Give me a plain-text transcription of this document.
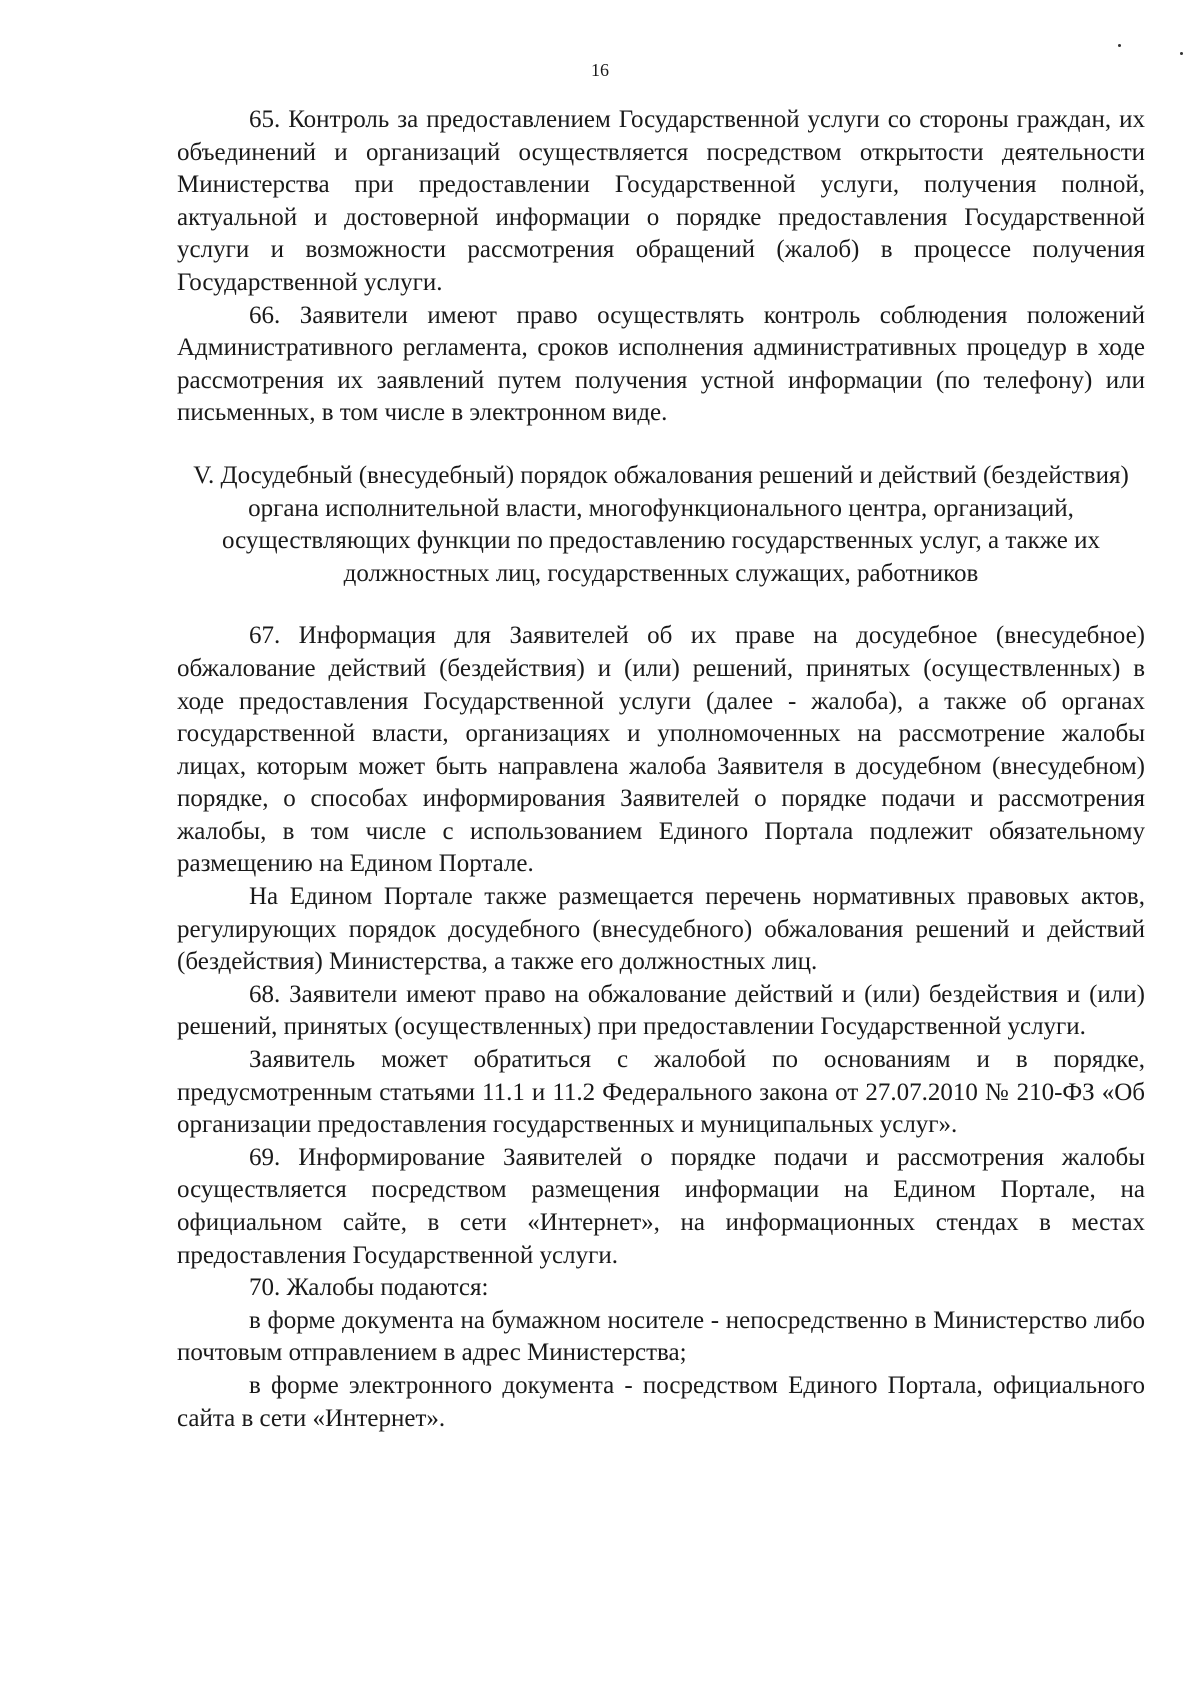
16

65. Контроль за предоставлением Государственной услуги со стороны граждан, их объединений и организаций осуществляется посредством открытости деятельности Министерства при предоставлении Государственной услуги, получения полной, актуальной и достоверной информации о порядке предоставления Государственной услуги и возможности рассмотрения обращений (жалоб) в процессе получения Государственной услуги.

66. Заявители имеют право осуществлять контроль соблюдения положений Административного регламента, сроков исполнения административных процедур в ходе рассмотрения их заявлений путем получения устной информации (по телефону) или письменных, в том числе в электронном виде.

V. Досудебный (внесудебный) порядок обжалования решений и действий (бездействия) органа исполнительной власти, многофункционального центра, организаций, осуществляющих функции по предоставлению государственных услуг, а также их должностных лиц, государственных служащих, работников

67. Информация для Заявителей об их праве на досудебное (внесудебное) обжалование действий (бездействия) и (или) решений, принятых (осуществленных) в ходе предоставления Государственной услуги (далее - жалоба), а также об органах государственной власти, организациях и уполномоченных на рассмотрение жалобы лицах, которым может быть направлена жалоба Заявителя в досудебном (внесудебном) порядке, о способах информирования Заявителей о порядке подачи и рассмотрения жалобы, в том числе с использованием Единого Портала подлежит обязательному размещению на Едином Портале.

На Едином Портале также размещается перечень нормативных правовых актов, регулирующих порядок досудебного (внесудебного) обжалования решений и действий (бездействия) Министерства, а также его должностных лиц.

68. Заявители имеют право на обжалование действий и (или) бездействия и (или) решений, принятых (осуществленных) при предоставлении Государственной услуги.

Заявитель может обратиться с жалобой по основаниям и в порядке, предусмотренным статьями 11.1 и 11.2 Федерального закона от 27.07.2010 № 210-ФЗ «Об организации предоставления государственных и муниципальных услуг».

69. Информирование Заявителей о порядке подачи и рассмотрения жалобы осуществляется посредством размещения информации на Едином Портале, на официальном сайте, в сети «Интернет», на информационных стендах в местах предоставления Государственной услуги.

70. Жалобы подаются:

в форме документа на бумажном носителе - непосредственно в Министерство либо почтовым отправлением в адрес Министерства;

в форме электронного документа - посредством Единого Портала, официального сайта в сети «Интернет».
